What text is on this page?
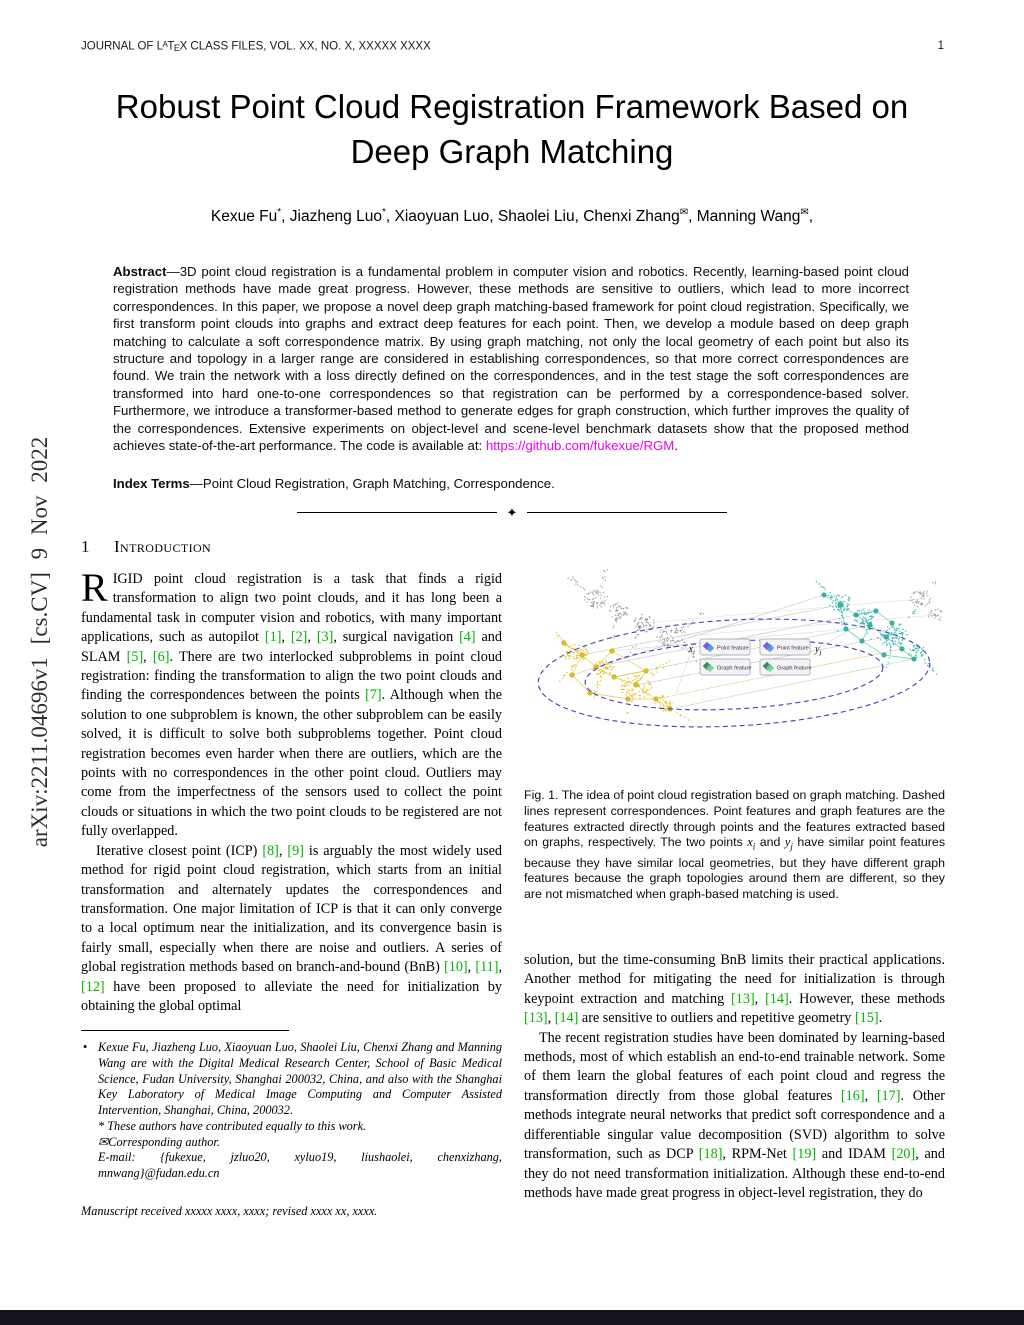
arXiv:2211.04696v1 [cs.CV] 9 Nov 2022
JOURNAL OF $L^ATEX$ CLASS FILES, VOL. XX, NO. X, XXXXX XXXX	1
Robust Point Cloud Registration Framework Based on Deep Graph Matching
Kexue Fu*, Jiazheng Luo*, Xiaoyuan Luo, Shaolei Liu, Chenxi Zhang✉, Manning Wang✉,
Abstract—3D point cloud registration is a fundamental problem in computer vision and robotics. Recently, learning-based point cloud registration methods have made great progress. However, these methods are sensitive to outliers, which lead to more incorrect correspondences. In this paper, we propose a novel deep graph matching-based framework for point cloud registration. Specifically, we first transform point clouds into graphs and extract deep features for each point. Then, we develop a module based on deep graph matching to calculate a soft correspondence matrix. By using graph matching, not only the local geometry of each point but also its structure and topology in a larger range are considered in establishing correspondences, so that more correct correspondences are found. We train the network with a loss directly defined on the correspondences, and in the test stage the soft correspondences are transformed into hard one-to-one correspondences so that registration can be performed by a correspondence-based solver. Furthermore, we introduce a transformer-based method to generate edges for graph construction, which further improves the quality of the correspondences. Extensive experiments on object-level and scene-level benchmark datasets show that the proposed method achieves state-of-the-art performance. The code is available at: https://github.com/fukexue/RGM.
Index Terms—Point Cloud Registration, Graph Matching, Correspondence.
✦
1	Introduction

RIGID point cloud registration is a task that finds a rigid transformation to align two point clouds, and it has long been a fundamental task in computer vision and robotics, with many important applications, such as autopilot [1], [2], [3], surgical navigation [4] and SLAM [5], [6]. There are two interlocked subproblems in point cloud registration: finding the transformation to align the two point clouds and finding the correspondences between the points [7]. Although when the solution to one subproblem is known, the other subproblem can be easily solved, it is difficult to solve both subproblems together. Point cloud registration becomes even harder when there are outliers, which are the points with no correspondences in the other point cloud. Outliers may come from the imperfectness of the sensors used to collect the point clouds or situations in which the two point clouds to be registered are not fully overlapped.

Iterative closest point (ICP) [8], [9] is arguably the most widely used method for rigid point cloud registration, which starts from an initial transformation and alternately updates the correspondences and transformation. One major limitation of ICP is that it can only converge to a local optimum near the initialization, and its convergence basin is fairly small, especially when there are noise and outliers. A series of global registration methods based on branch-and-bound (BnB) [10], [11], [12] have been proposed to alleviate the need for initialization by obtaining the global optimal

• Kexue Fu, Jiazheng Luo, Xiaoyuan Luo, Shaolei Liu, Chenxi Zhang and Manning Wang are with the Digital Medical Research Center, School of Basic Medical Science, Fudan University, Shanghai 200032, China, and also with the Shanghai Key Laboratory of Medical Image Computing and Computer Assisted Intervention, Shanghai, China, 200032.
* These authors have contributed equally to this work.
✉Corresponding author.
E-mail: {fukexue, jzluo20, xyluo19, liushaolei, chenxizhang, mnwang}@fudan.edu.cn
Manuscript received xxxxx xxxx, xxxx; revised xxxx xx, xxxx.
Point feature
Graph feature
Point feature
Graph feature
$x_i$	$y_j$
Fig. 1. The idea of point cloud registration based on graph matching. Dashed lines represent correspondences. Point features and graph features are the features extracted directly through points and the features extracted based on graphs, respectively. The two points $x_i$ and $y_j$ have similar point features because they have similar local geometries, but they have different graph features because the graph topologies around them are different, so they are not mismatched when graph-based matching is used.

solution, but the time-consuming BnB limits their practical applications. Another method for mitigating the need for initialization is through keypoint extraction and matching [13], [14]. However, these methods [13], [14] are sensitive to outliers and repetitive geometry [15].

The recent registration studies have been dominated by learning-based methods, most of which establish an end-to-end trainable network. Some of them learn the global features of each point cloud and regress the transformation directly from those global features [16], [17]. Other methods integrate neural networks that predict soft correspondence and a differentiable singular value decomposition (SVD) algorithm to solve transformation, such as DCP [18], RPM-Net [19] and IDAM [20], and they do not need transformation initialization. Although these end-to-end methods have made great progress in object-level registration, they do
